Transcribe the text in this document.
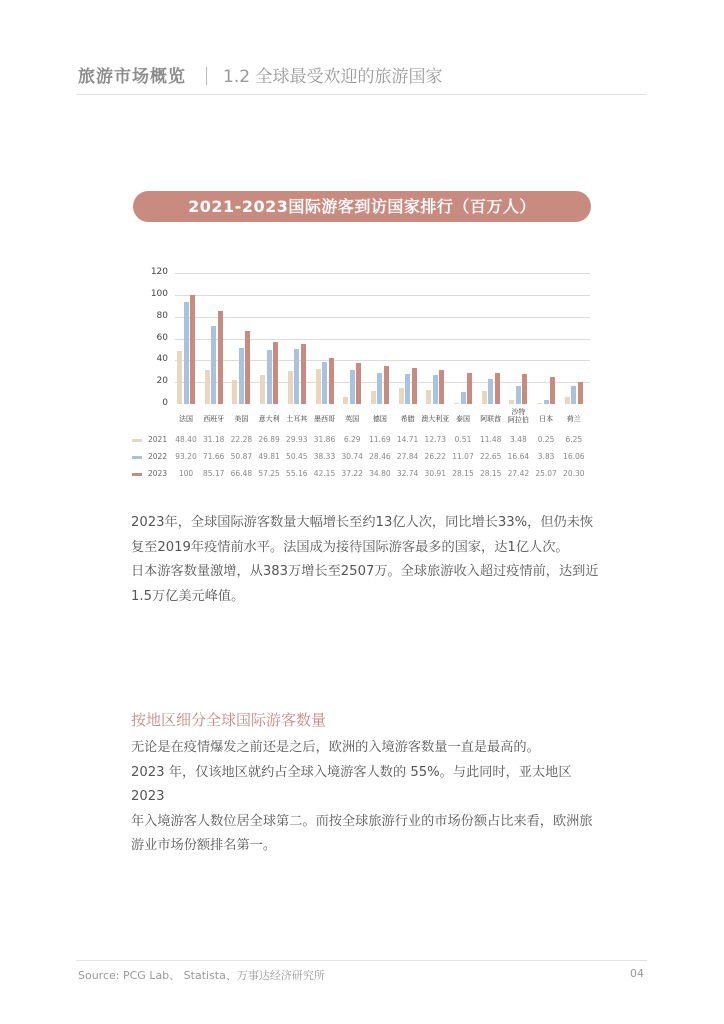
旅游市场概览 1.2 全球最受欢迎的旅游国家
2021-2023国际游客到访国家排行（百万人）
0
20
40
60
80
100
120
法国	西班牙	美国	意大利 土耳其 墨西哥	英国	德国	希腊 澳大利亚 泰国	阿联酋
沙特
阿拉伯	日本	荷兰
2021	48.40 31.18 22.28 26.89 29.93 31.86	6.29	11.69 14.71 12.73	0.51	11.48	3.48	0.25	6.25
2022	93.20 71.66 50.87 49.81 50.45 38.33 30.74 28.46 27.84 26.22 11.07 22.65 16.64	3.83	16.06
2023	100	85.17 66.48 57.25 55.16 42.15 37.22 34.80 32.74 30.91 28.15 28.15 27.42 25.07 20.30
2023年，全球国际游客数量大幅增长至约13亿人次，同比增长33%，但仍未恢
复至2019年疫情前水平。法国成为接待国际游客最多的国家，达1亿人次。
日本游客数量激增，从383万增长至2507万。全球旅游收入超过疫情前，达到近
1.5万亿美元峰值。
按地区细分全球国际游客数量
无论是在疫情爆发之前还是之后，欧洲的入境游客数量一直是最高的。
2023 年，仅该地区就约占全球入境游客人数的 55%。与此同时，亚太地区 2023
年入境游客人数位居全球第二。而按全球旅游行业的市场份额占比来看，欧洲旅
游业市场份额排名第一。
Source: PCG Lab、 Statista、万事达经济研究所	04
